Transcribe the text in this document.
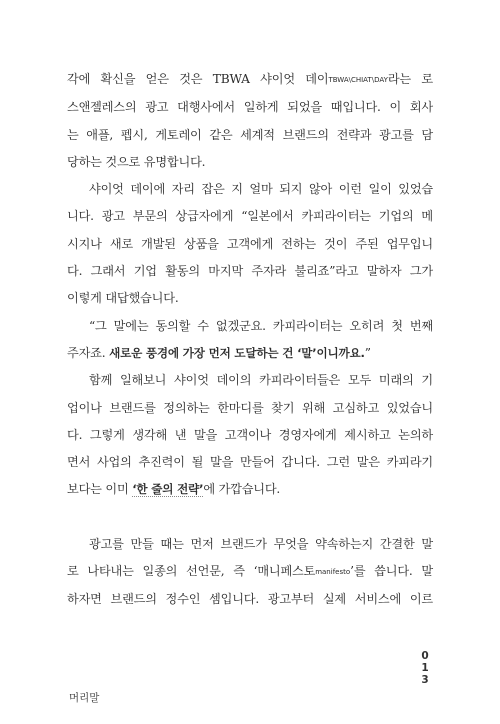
각에 확신을 얻은 것은 TBWA 샤이엇 데이TBWA\CHIAT\DAY라는 로
스앤젤레스의 광고 대행사에서 일하게 되었을 때입니다. 이 회사
는 애플, 펩시, 게토레이 같은 세계적 브랜드의 전략과 광고를 담
당하는 것으로 유명합니다.

샤이엇 데이에 자리 잡은 지 얼마 되지 않아 이런 일이 있었습
니다. 광고 부문의 상급자에게 “일본에서 카피라이터는 기업의 메
시지나 새로 개발된 상품을 고객에게 전하는 것이 주된 업무입니
다. 그래서 기업 활동의 마지막 주자라 불리죠”라고 말하자 그가
이렇게 대답했습니다.

“그 말에는 동의할 수 없겠군요. 카피라이터는 오히려 첫 번째
주자죠. 새로운 풍경에 가장 먼저 도달하는 건 ‘말’이니까요.”

함께 일해보니 샤이엇 데이의 카피라이터들은 모두 미래의 기
업이나 브랜드를 정의하는 한마디를 찾기 위해 고심하고 있었습니
다. 그렇게 생각해 낸 말을 고객이나 경영자에게 제시하고 논의하
면서 사업의 추진력이 될 말을 만들어 갑니다. 그런 말은 카피라기
보다는 이미 ‘한 줄의 전략’에 가깝습니다.

광고를 만들 때는 먼저 브랜드가 무엇을 약속하는지 간결한 말
로 나타내는 일종의 선언문, 즉 ‘매니페스토manifesto’를 씁니다. 말
하자면 브랜드의 정수인 셈입니다. 광고부터 실제 서비스에 이르

0
1
3
머리말
